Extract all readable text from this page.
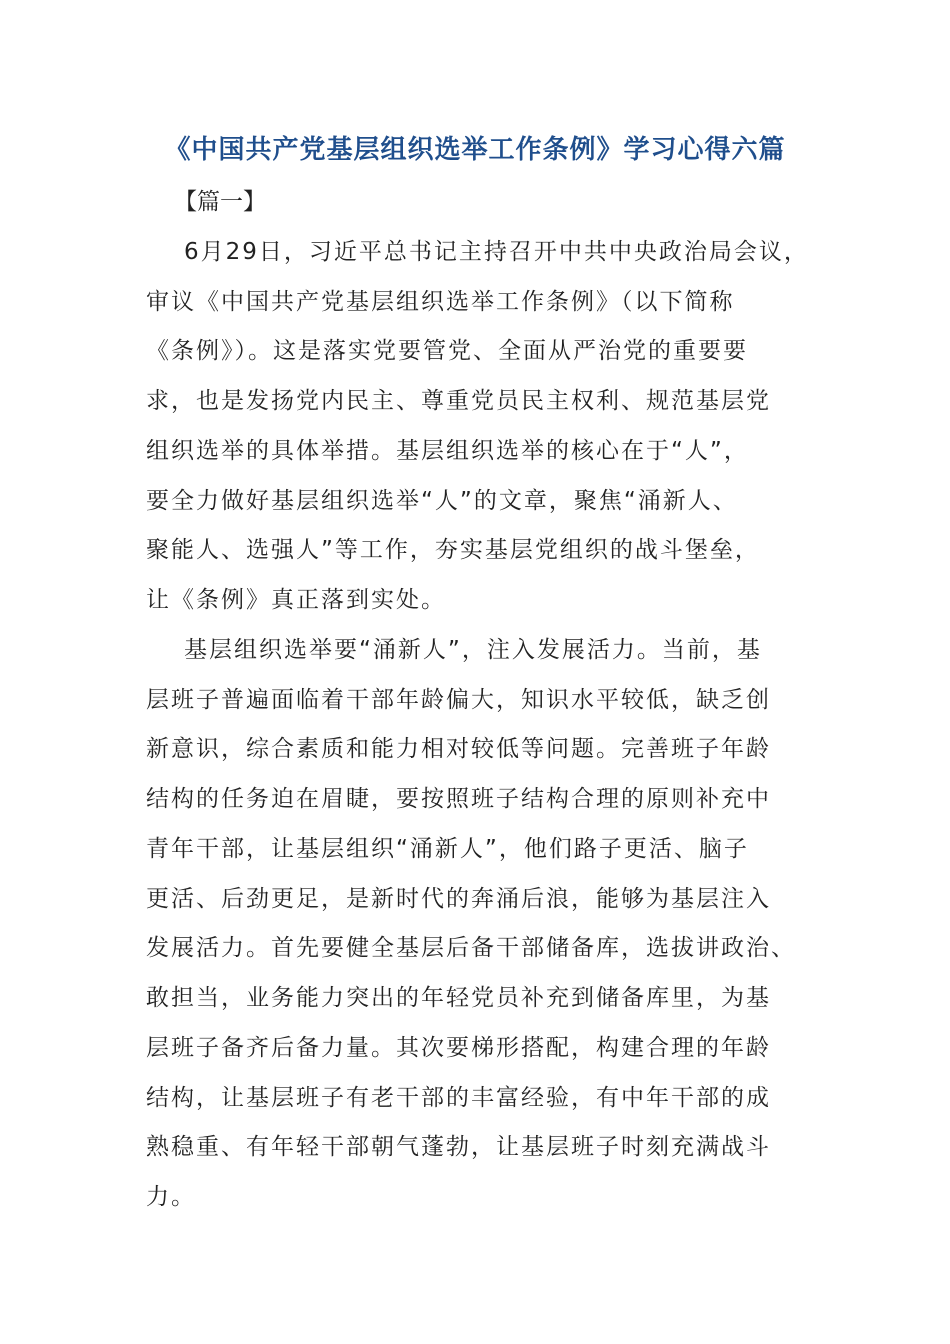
《中国共产党基层组织选举工作条例》学习心得六篇

【篇一】

6月29日，习近平总书记主持召开中共中央政治局会议，

审议《中国共产党基层组织选举工作条例》（以下简称

《条例》）。这是落实党要管党、全面从严治党的重要要

求，也是发扬党内民主、尊重党员民主权利、规范基层党

组织选举的具体举措。基层组织选举的核心在于“人”，

要全力做好基层组织选举“人”的文章，聚焦“涌新人、

聚能人、选强人”等工作，夯实基层党组织的战斗堡垒，

让《条例》真正落到实处。

基层组织选举要“涌新人”，注入发展活力。当前，基

层班子普遍面临着干部年龄偏大，知识水平较低，缺乏创

新意识，综合素质和能力相对较低等问题。完善班子年龄

结构的任务迫在眉睫，要按照班子结构合理的原则补充中

青年干部，让基层组织“涌新人”，他们路子更活、脑子

更活、后劲更足，是新时代的奔涌后浪，能够为基层注入

发展活力。首先要健全基层后备干部储备库，选拔讲政治、

敢担当，业务能力突出的年轻党员补充到储备库里，为基

层班子备齐后备力量。其次要梯形搭配，构建合理的年龄

结构，让基层班子有老干部的丰富经验，有中年干部的成

熟稳重、有年轻干部朝气蓬勃，让基层班子时刻充满战斗

力。
